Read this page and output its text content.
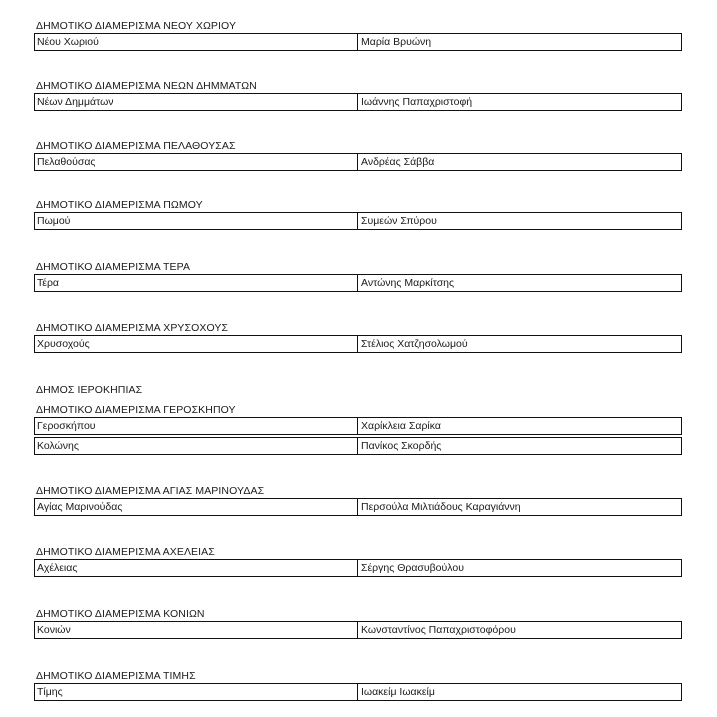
ΔΗΜΟΤΙΚΟ ΔΙΑΜΕΡΙΣΜΑ ΝΕΟΥ ΧΩΡΙΟΥ
Νέου Χωριού	Μαρία Βρυώνη
ΔΗΜΟΤΙΚΟ ΔΙΑΜΕΡΙΣΜΑ ΝΕΩΝ ΔΗΜΜΑΤΩΝ
Νέων Δημμάτων	Ιωάννης Παπαχριστοφή
ΔΗΜΟΤΙΚΟ ΔΙΑΜΕΡΙΣΜΑ ΠΕΛΑΘΟΥΣΑΣ
Πελαθούσας	Ανδρέας Σάββα
ΔΗΜΟΤΙΚΟ ΔΙΑΜΕΡΙΣΜΑ ΠΩΜΟΥ
Πωμού	Συμεών Σπύρου
ΔΗΜΟΤΙΚΟ ΔΙΑΜΕΡΙΣΜΑ ΤΕΡΑ
Τέρα	Αντώνης Μαρκίτσης
ΔΗΜΟΤΙΚΟ ΔΙΑΜΕΡΙΣΜΑ ΧΡΥΣΟΧΟΥΣ
Χρυσοχούς	Στέλιος Χατζησολωμού
ΔΗΜΟΣ ΙΕΡΟΚΗΠΙΑΣ
ΔΗΜΟΤΙΚΟ ΔΙΑΜΕΡΙΣΜΑ ΓΕΡΟΣΚΗΠΟΥ
Γεροσκήπου	Χαρίκλεια Σαρίκα
Κολώνης	Πανίκος Σκορδής
ΔΗΜΟΤΙΚΟ ΔΙΑΜΕΡΙΣΜΑ ΑΓΙΑΣ ΜΑΡΙΝΟΥΔΑΣ
Αγίας Μαρινούδας	Περσούλα Μιλτιάδους Καραγιάννη
ΔΗΜΟΤΙΚΟ ΔΙΑΜΕΡΙΣΜΑ ΑΧΕΛΕΙΑΣ
Αχέλειας	Σέργης Θρασυβούλου
ΔΗΜΟΤΙΚΟ ΔΙΑΜΕΡΙΣΜΑ ΚΟΝΙΩΝ
Κονιών	Κωνσταντίνος Παπαχριστοφόρου
ΔΗΜΟΤΙΚΟ ΔΙΑΜΕΡΙΣΜΑ ΤΙΜΗΣ
Τίμης	Ιωακείμ Ιωακείμ
